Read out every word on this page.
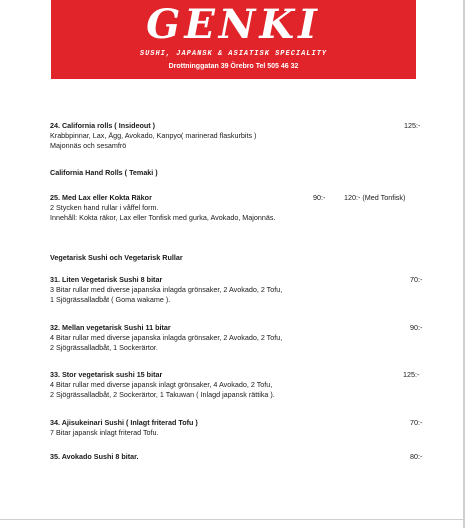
GENKI
SUSHI, JAPANSK & ASIATISK SPECIALITY
Drottninggatan 39 Örebro Tel 505 46 32
24. California rolls ( Insideout )
Krabbpinnar, Lax, Ägg, Avokado, Kanpyo( marinerad flaskurbits )
Majonnäs och sesamfrö
125:-
California Hand Rolls ( Temaki )
25. Med Lax eller Kokta Räkor
2 Stycken hand rullar i våffel form.
Innehåll: Kokta räkor, Lax eller Tonfisk med gurka, Avokado, Majonnäs.
90:-	120:- (Med Tonfisk)
Vegetarisk Sushi och Vegetarisk Rullar
31. Liten Vegetarisk Sushi 8 bitar
3 Bitar rullar med diverse japanska inlagda grönsaker, 2 Avokado, 2 Tofu,
1 Sjögrässalladbåt ( Goma wakame ).
70:-
32. Mellan vegetarisk Sushi 11 bitar
4 Bitar rullar med diverse japanska inlagda grönsaker, 2 Avokado, 2 Tofu,
2 Sjögrässalladbåt, 1 Sockerärtor.
90:-
33. Stor vegetarisk sushi 15 bitar
4 Bitar rullar med diverse japansk inlagt grönsaker, 4 Avokado, 2 Tofu,
2 Sjögrässalladbåt, 2 Sockerärtor, 1 Takuwan ( Inlagd japansk rättika ).
125:-
34. Ajisukeinari Sushi ( Inlagt friterad Tofu )
7 Bitar japansk inlagt friterad Tofu.
70:-
35. Avokado Sushi 8 bitar.	80:-
